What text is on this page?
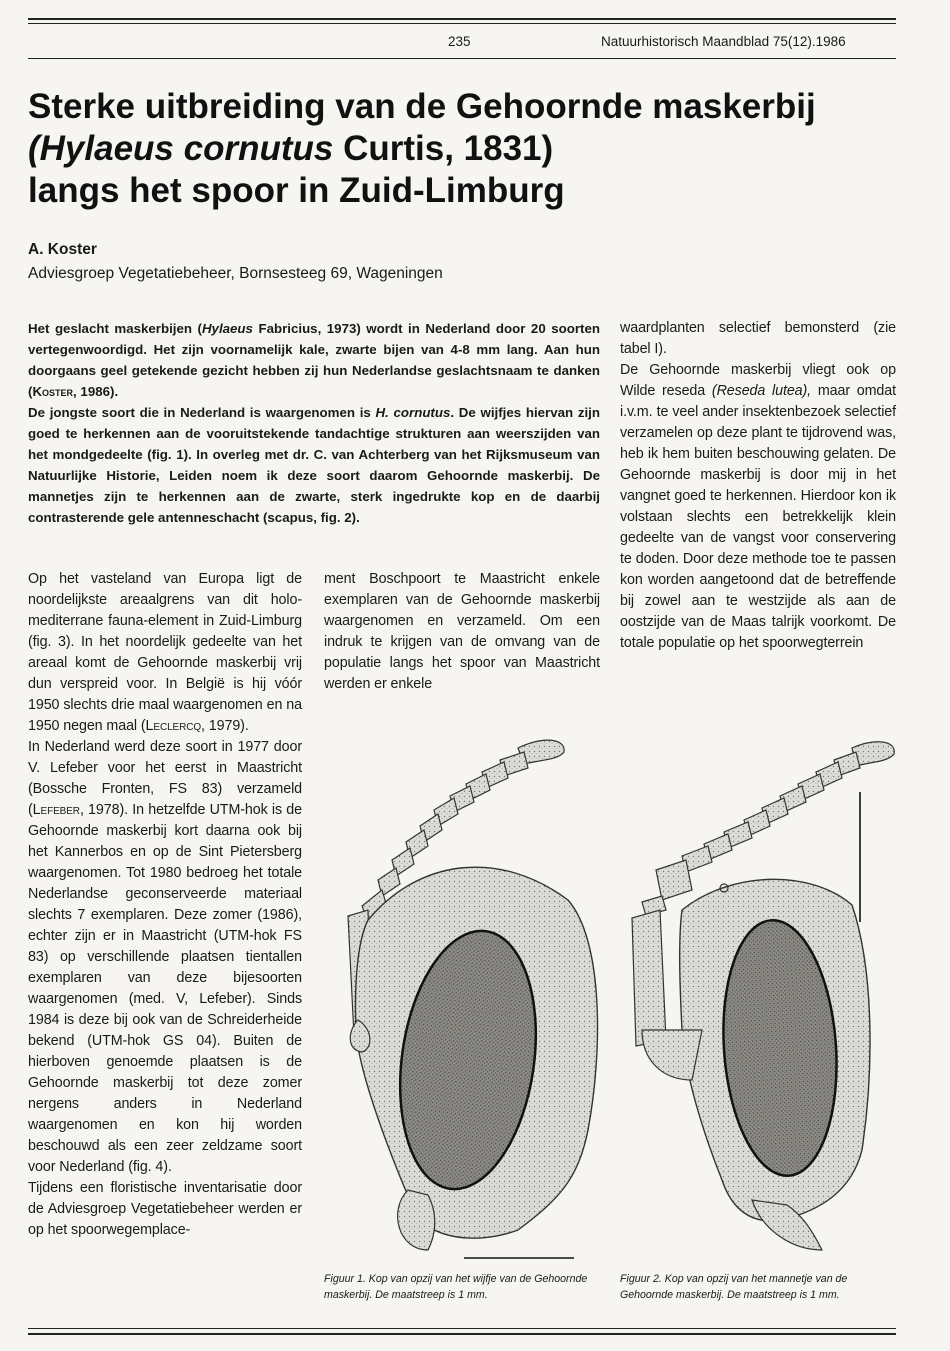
235	Natuurhistorisch Maandblad 75(12).1986
Sterke uitbreiding van de Gehoornde maskerbij
(Hylaeus cornutus Curtis, 1831)
langs het spoor in Zuid-Limburg
A. Koster
Adviesgroep Vegetatiebeheer, Bornsesteeg 69, Wageningen

Het geslacht maskerbijen (Hylaeus Fabricius, 1973) wordt in Nederland door 20 soorten vertegenwoordigd. Het zijn voornamelijk kale, zwarte bijen van 4-8 mm lang. Aan hun doorgaans geel getekende gezicht hebben zij hun Nederlandse geslachtsnaam te danken (Koster, 1986).

De jongste soort die in Nederland is waargenomen is H. cornutus. De wijfjes hiervan zijn goed te herkennen aan de vooruitstekende tandachtige strukturen aan weerszijden van het mondgedeelte (fig. 1). In overleg met dr. C. van Achterberg van het Rijksmuseum van Natuurlijke Historie, Leiden noem ik deze soort daarom Gehoornde maskerbij. De mannetjes zijn te herkennen aan de zwarte, sterk ingedrukte kop en de daarbij contrasterende gele antenneschacht (scapus, fig. 2).

Op het vasteland van Europa ligt de noordelijkste areaalgrens van dit holo-mediterrane fauna-element in Zuid-Limburg (fig. 3). In het noordelijk gedeelte van het areaal komt de Gehoornde maskerbij vrij dun verspreid voor. In België is hij vóór 1950 slechts drie maal waargenomen en na 1950 negen maal (Leclercq, 1979).

In Nederland werd deze soort in 1977 door V. Lefeber voor het eerst in Maastricht (Bossche Fronten, FS 83) verzameld (Lefeber, 1978). In hetzelfde UTM-hok is de Gehoornde maskerbij kort daarna ook bij het Kannerbos en op de Sint Pietersberg waargenomen. Tot 1980 bedroeg het totale Nederlandse geconserveerde materiaal slechts 7 exemplaren. Deze zomer (1986), echter zijn er in Maastricht (UTM-hok FS 83) op verschillende plaatsen tientallen exemplaren van deze bijesoorten waargenomen (med. V, Lefeber). Sinds 1984 is deze bij ook van de Schreiderheide bekend (UTM-hok GS 04). Buiten de hierboven genoemde plaatsen is de Gehoornde maskerbij tot deze zomer nergens anders in Nederland waargenomen en kon hij worden beschouwd als een zeer zeldzame soort voor Nederland (fig. 4).

Tijdens een floristische inventarisatie door de Adviesgroep Vegetatiebeheer werden er op het spoorwegemplace-

ment Boschpoort te Maastricht enkele exemplaren van de Gehoornde maskerbij waargenomen en verzameld. Om een indruk te krijgen van de omvang van de populatie langs het spoor van Maastricht werden er enkele

waardplanten selectief bemonsterd (zie tabel I).

De Gehoornde maskerbij vliegt ook op Wilde reseda (Reseda lutea), maar omdat i.v.m. te veel ander insektenbezoek selectief verzamelen op deze plant te tijdrovend was, heb ik hem buiten beschouwing gelaten. De Gehoornde maskerbij is door mij in het vangnet goed te herkennen. Hierdoor kon ik volstaan slechts een betrekkelijk klein gedeelte van de vangst voor conservering te doden. Door deze methode toe te passen kon worden aangetoond dat de betreffende bij zowel aan te westzijde als aan de oostzijde van de Maas talrijk voorkomt. De totale populatie op het spoorwegterrein

Figuur 1. Kop van opzij van het wijfje van de Gehoornde maskerbij. De maatstreep is 1 mm.
Figuur 2. Kop van opzij van het mannetje van de Gehoornde maskerbij. De maatstreep is 1 mm.
